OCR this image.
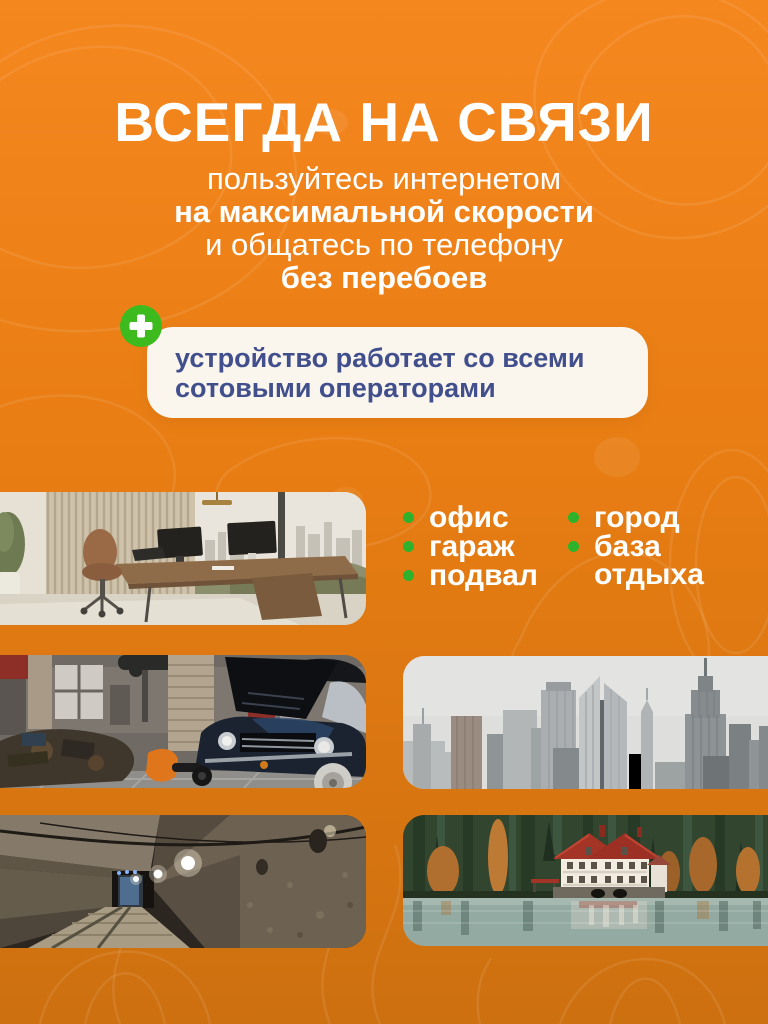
ВСЕГДА НА СВЯЗИ

пользуйтесь интернетом
на максимальной скорости
и общатесь по телефону
без перебоев

устройство работает со всеми
сотовыми операторами

офис
гараж
подвал
город
база отдыха
